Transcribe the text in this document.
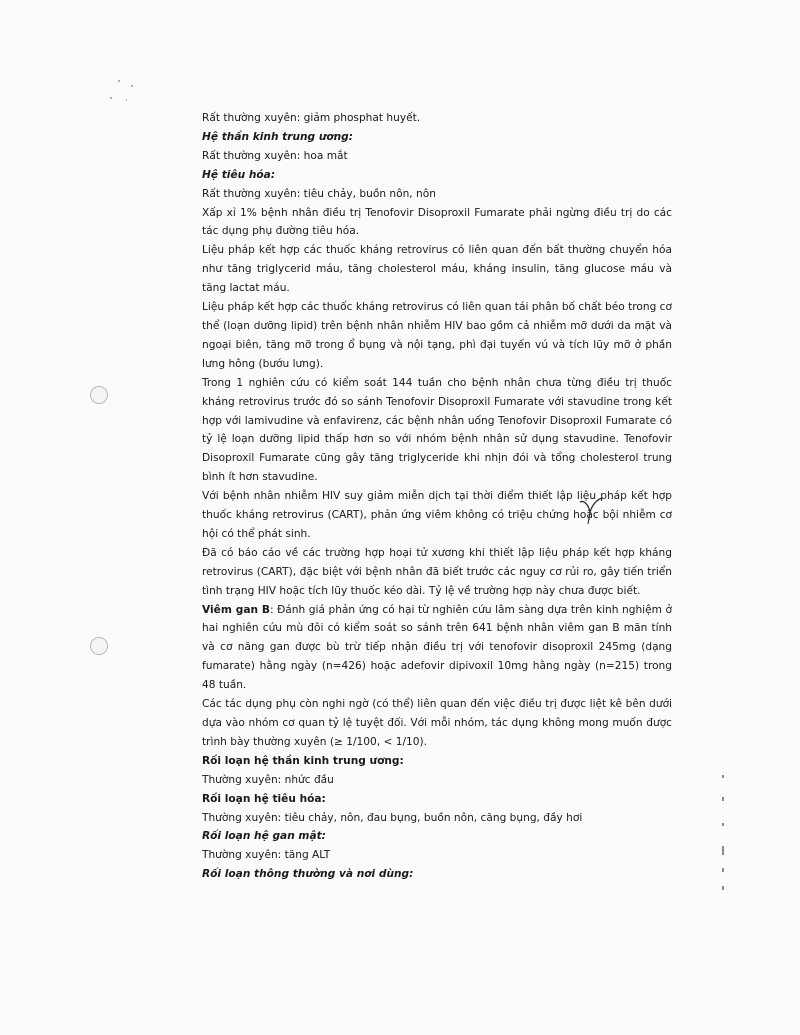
Rất thường xuyên: giảm phosphat huyết.

Hệ thần kinh trung ương:

Rất thường xuyên: hoa mắt

Hệ tiêu hóa:

Rất thường xuyên: tiêu chảy, buồn nôn, nôn

Xấp xỉ 1% bệnh nhân điều trị Tenofovir Disoproxil Fumarate phải ngừng điều trị do các tác dụng phụ đường tiêu hóa.

Liệu pháp kết hợp các thuốc kháng retrovirus có liên quan đến bất thường chuyển hóa như tăng triglycerid máu, tăng cholesterol máu, kháng insulin, tăng glucose máu và tăng lactat máu.

Liệu pháp kết hợp các thuốc kháng retrovirus có liên quan tái phân bố chất béo trong cơ thể (loạn dưỡng lipid) trên bệnh nhân nhiễm HIV bao gồm cả nhiễm mỡ dưới da mặt và ngoại biên, tăng mỡ trong ổ bụng và nội tạng, phì đại tuyến vú và tích lũy mỡ ở phần lưng hông (bướu lưng).

Trong 1 nghiên cứu có kiểm soát 144 tuần cho bệnh nhân chưa từng điều trị thuốc kháng retrovirus trước đó so sánh Tenofovir Disoproxil Fumarate với stavudine trong kết hợp với lamivudine và enfavirenz, các bệnh nhân uống Tenofovir Disoproxil Fumarate có tỷ lệ loạn dưỡng lipid thấp hơn so với nhóm bệnh nhân sử dụng stavudine. Tenofovir Disoproxil Fumarate cũng gây tăng triglyceride khi nhịn đói và tổng cholesterol trung bình ít hơn stavudine.

Với bệnh nhân nhiễm HIV suy giảm miễn dịch tại thời điểm thiết lập liệu pháp kết hợp thuốc kháng retrovirus (CART), phản ứng viêm không có triệu chứng hoặc bội nhiễm cơ hội có thể phát sinh.

Đã có báo cáo về các trường hợp hoại tử xương khi thiết lập liệu pháp kết hợp kháng retrovirus (CART), đặc biệt với bệnh nhân đã biết trước các nguy cơ rủi ro, gây tiến triển tình trạng HIV hoặc tích lũy thuốc kéo dài. Tỷ lệ về trường hợp này chưa được biết.

Viêm gan B: Đánh giá phản ứng có hại từ nghiên cứu lâm sàng dựa trên kinh nghiệm ở hai nghiên cứu mù đôi có kiểm soát so sánh trên 641 bệnh nhân viêm gan B mãn tính và cơ năng gan được bù trừ tiếp nhận điều trị với tenofovir disoproxil 245mg (dạng fumarate) hằng ngày (n=426) hoặc adefovir dipivoxil 10mg hằng ngày (n=215) trong 48 tuần.

Các tác dụng phụ còn nghi ngờ (có thể) liên quan đến việc điều trị được liệt kê bên dưới dựa vào nhóm cơ quan tỷ lệ tuyệt đối. Với mỗi nhóm, tác dụng không mong muốn được trình bày thường xuyên (≥ 1/100, < 1/10).

Rối loạn hệ thần kinh trung ương:

Thường xuyên: nhức đầu

Rối loạn hệ tiêu hóa:

Thường xuyên: tiêu chảy, nôn, đau bụng, buồn nôn, căng bụng, đầy hơi

Rối loạn hệ gan mật:

Thường xuyên: tăng ALT

Rối loạn thông thường và nơi dùng:
